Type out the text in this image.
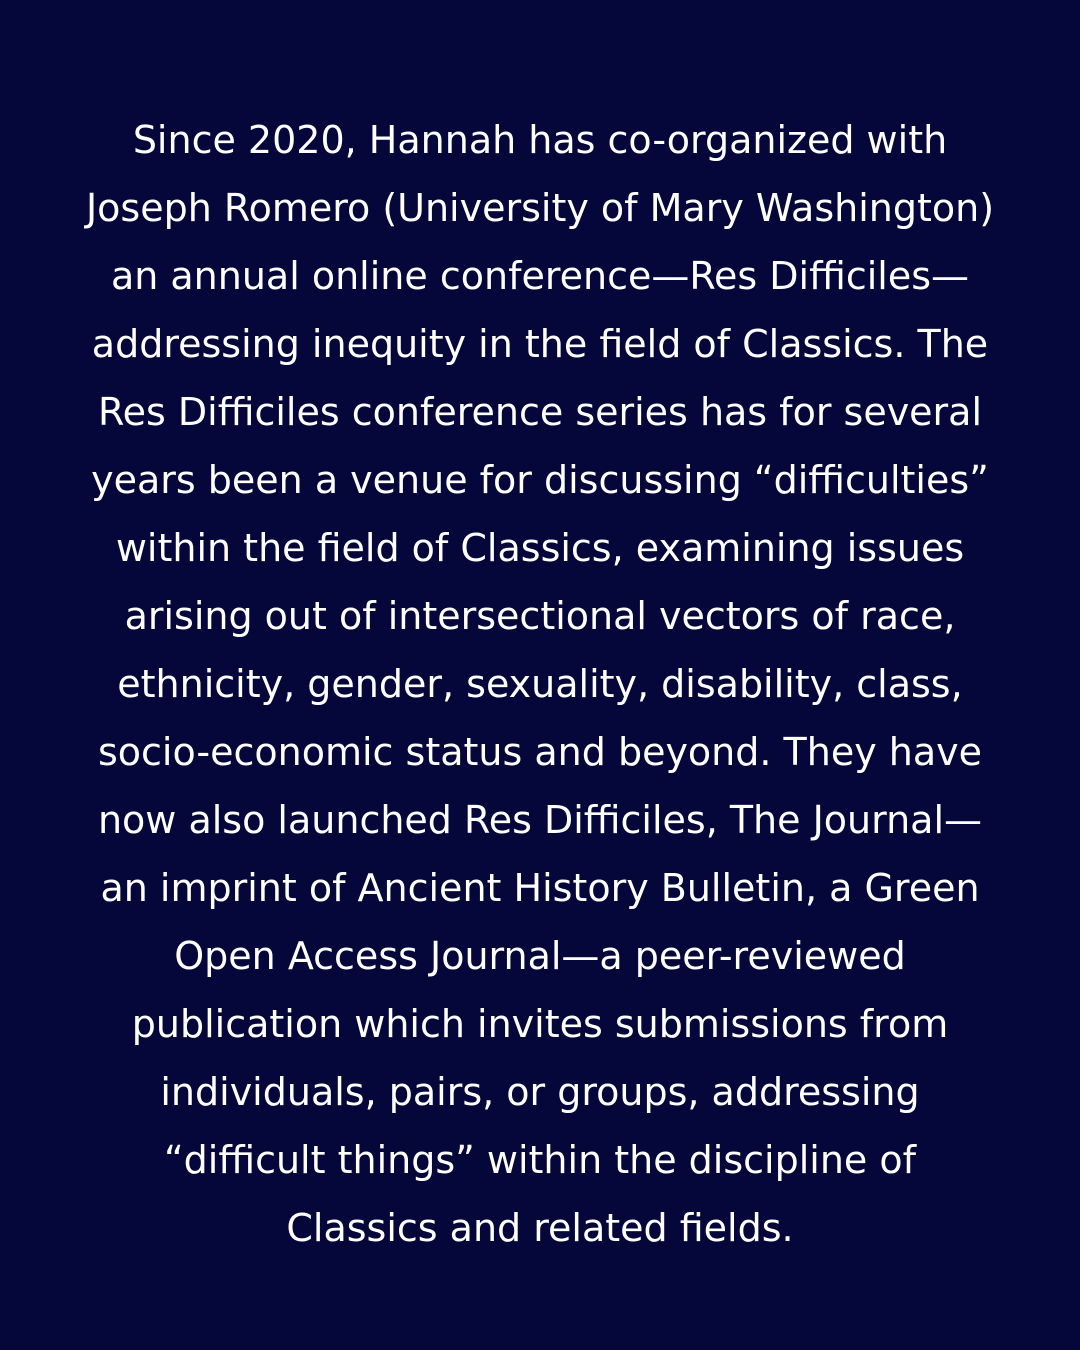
Since 2020, Hannah has co-organized with
Joseph Romero (University of Mary Washington)
an annual online conference—Res Difficiles—
addressing inequity in the field of Classics. The
Res Difficiles conference series has for several
years been a venue for discussing “difficulties”
within the field of Classics, examining issues
arising out of intersectional vectors of race,
ethnicity, gender, sexuality, disability, class,
socio-economic status and beyond. They have
now also launched Res Difficiles, The Journal—
an imprint of Ancient History Bulletin, a Green
Open Access Journal—a peer-reviewed
publication which invites submissions from
individuals, pairs, or groups, addressing
“difficult things” within the discipline of
Classics and related fields.
